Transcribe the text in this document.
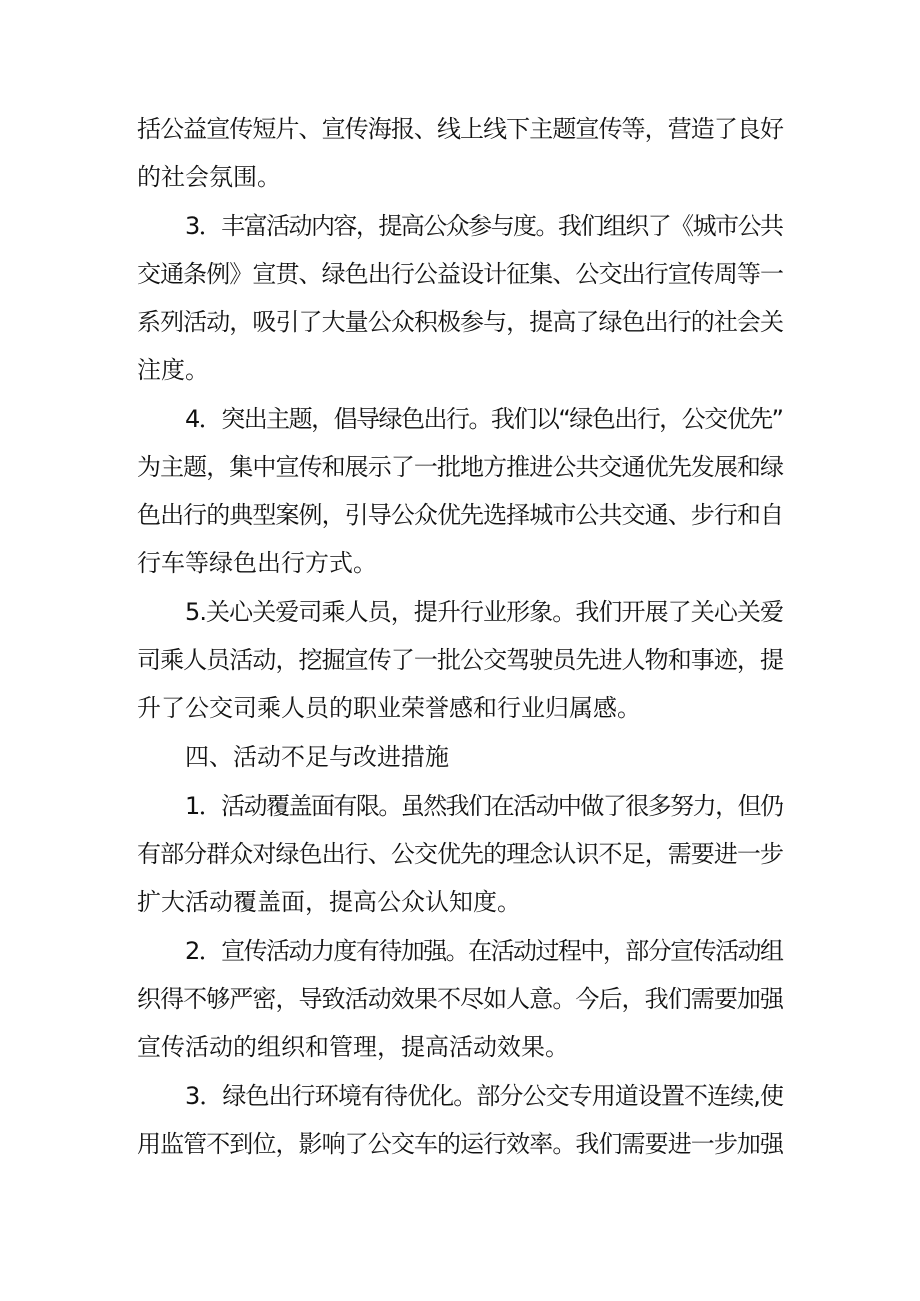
括公益宣传短片、宣传海报、线上线下主题宣传等，营造了良好
的社会氛围。
3．丰富活动内容，提高公众参与度。我们组织了《城市公共
交通条例》宣贯、绿色出行公益设计征集、公交出行宣传周等一
系列活动，吸引了大量公众积极参与，提高了绿色出行的社会关
注度。
4．突出主题，倡导绿色出行。我们以“绿色出行，公交优先”
为主题，集中宣传和展示了一批地方推进公共交通优先发展和绿
色出行的典型案例，引导公众优先选择城市公共交通、步行和自
行车等绿色出行方式。
5.关心关爱司乘人员，提升行业形象。我们开展了关心关爱
司乘人员活动，挖掘宣传了一批公交驾驶员先进人物和事迹，提
升了公交司乘人员的职业荣誉感和行业归属感。
四、活动不足与改进措施
1．活动覆盖面有限。虽然我们在活动中做了很多努力，但仍
有部分群众对绿色出行、公交优先的理念认识不足，需要进一步
扩大活动覆盖面，提高公众认知度。
2．宣传活动力度有待加强。在活动过程中，部分宣传活动组
织得不够严密，导致活动效果不尽如人意。今后，我们需要加强
宣传活动的组织和管理，提高活动效果。
3．绿色出行环境有待优化。部分公交专用道设置不连续,使
用监管不到位，影响了公交车的运行效率。我们需要进一步加强
